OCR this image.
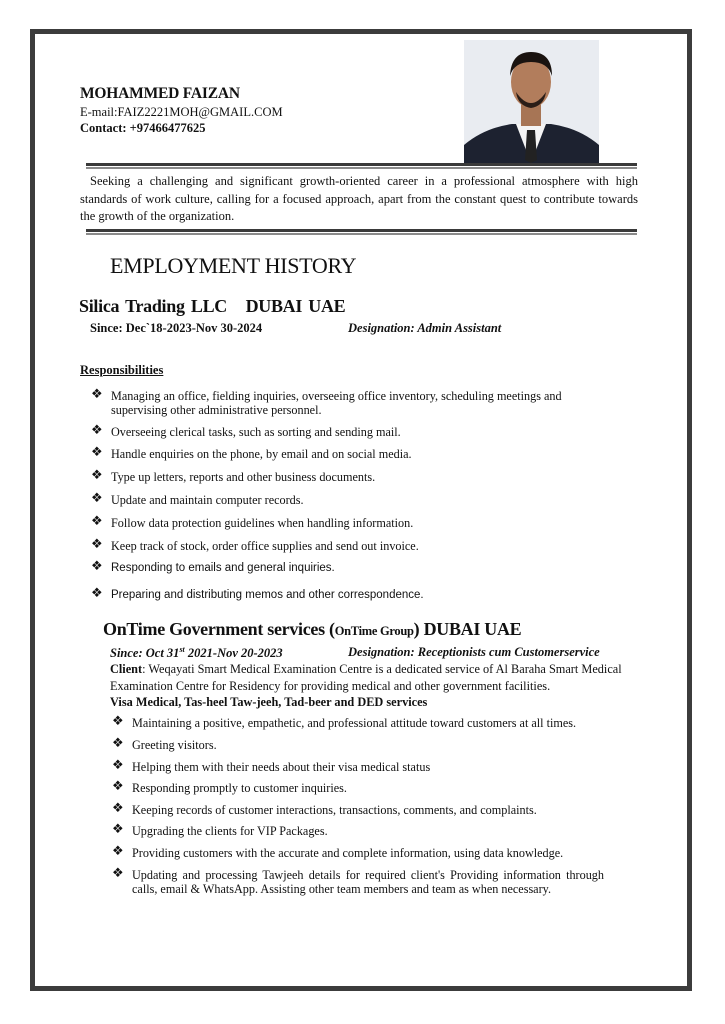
MOHAMMED FAIZAN
E-mail:FAIZ2221MOH@GMAIL.COM
Contact: +97466477625
Seeking a challenging and significant growth-oriented career in a professional atmosphere with high standards of work culture, calling for a focused approach, apart from the constant quest to contribute towards the growth of the organization.
EMPLOYMENT HISTORY
Silica Trading LLC   DUBAI UAE
Since: Dec`18-2023-Nov 30-2024	Designation: Admin Assistant
Responsibilities
❖ Managing an office, fielding inquiries, overseeing office inventory, scheduling meetings and supervising other administrative personnel.
❖ Overseeing clerical tasks, such as sorting and sending mail.
❖ Handle enquiries on the phone, by email and on social media.
❖ Type up letters, reports and other business documents.
❖ Update and maintain computer records.
❖ Follow data protection guidelines when handling information.
❖ Keep track of stock, order office supplies and send out invoice.
❖ Responding to emails and general inquiries.
❖ Preparing and distributing memos and other correspondence.
OnTime Government services (OnTime Group) DUBAI UAE
Since: Oct 31st 2021-Nov 20-2023	Designation: Receptionists cum Customerservice
Client: Weqayati Smart Medical Examination Centre is a dedicated service of Al Baraha Smart Medical Examination Centre for Residency for providing medical and other government facilities.
Visa Medical, Tas-heel Taw-jeeh, Tad-beer and DED services
❖ Maintaining a positive, empathetic, and professional attitude toward customers at all times.
❖ Greeting visitors.
❖ Helping them with their needs about their visa medical status
❖ Responding promptly to customer inquiries.
❖ Keeping records of customer interactions, transactions, comments, and complaints.
❖ Upgrading the clients for VIP Packages.
❖ Providing customers with the accurate and complete information, using data knowledge.
❖ Updating and processing Tawjeeh details for required client's Providing information through calls, email & WhatsApp. Assisting other team members and team as when necessary.
